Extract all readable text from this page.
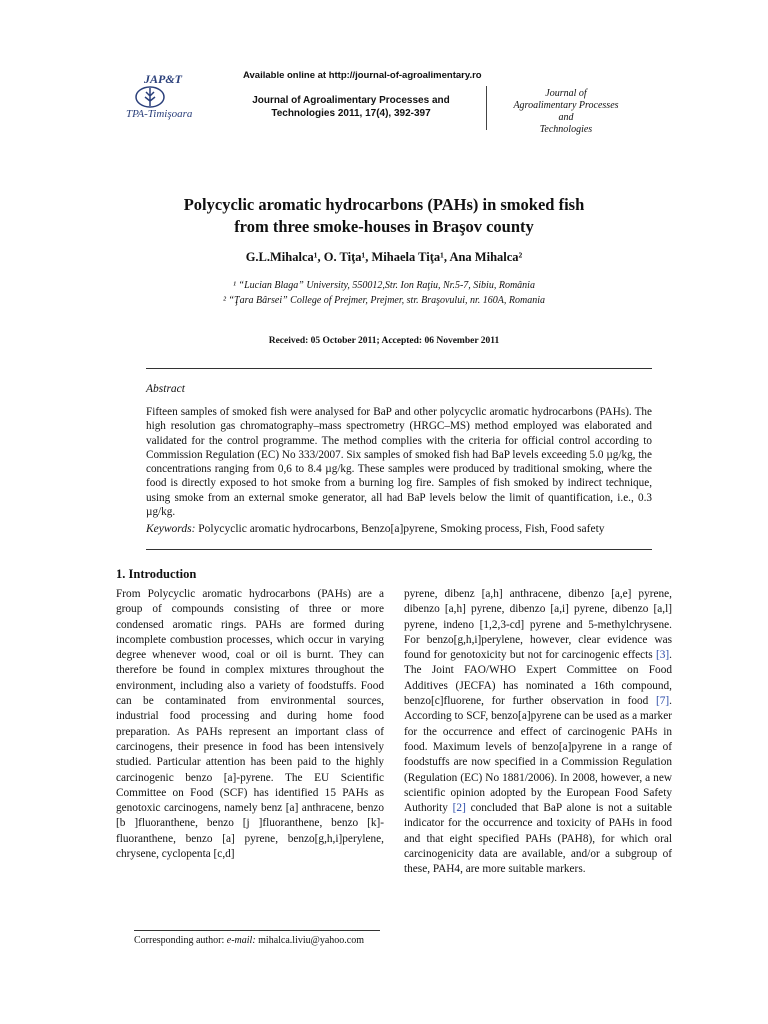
JAP&T
TPA-Timişoara
Available online at http://journal-of-agroalimentary.ro
Journal of Agroalimentary Processes and
Technologies 2011, 17(4), 392-397
Journal of
Agroalimentary Processes and
Technologies
Polycyclic aromatic hydrocarbons (PAHs) in smoked fish
from three smoke-houses in Braşov county
G.L.Mihalca¹, O. Tiţa¹, Mihaela Tiţa¹, Ana Mihalca²
¹ “Lucian Blaga” University, 550012,Str. Ion Raţiu, Nr.5-7, Sibiu, România
² “Ţara Bârsei” College of Prejmer, Prejmer, str. Braşovului, nr. 160A, Romania
Received: 05 October 2011; Accepted: 06 November 2011
Abstract
Fifteen samples of smoked fish were analysed for BaP and other polycyclic aromatic hydrocarbons (PAHs). The high resolution gas chromatography–mass spectrometry (HRGC–MS) method employed was elaborated and validated for the control programme. The method complies with the criteria for official control according to Commission Regulation (EC) No 333/2007. Six samples of smoked fish had BaP levels exceeding 5.0 µg/kg, the concentrations ranging from 0,6 to 8.4 µg/kg. These samples were produced by traditional smoking, where the food is directly exposed to hot smoke from a burning log fire. Samples of fish smoked by indirect technique, using smoke from an external smoke generator, all had BaP levels below the limit of quantification, i.e., 0.3 µg/kg.
Keywords: Polycyclic aromatic hydrocarbons, Benzo[a]pyrene, Smoking process, Fish, Food safety
1. Introduction
From Polycyclic aromatic hydrocarbons (PAHs) are a group of compounds consisting of three or more condensed aromatic rings. PAHs are formed during incomplete combustion processes, which occur in varying degree whenever wood, coal or oil is burnt. They can therefore be found in complex mixtures throughout the environment, including also a variety of foodstuffs. Food can be contaminated from environmental sources, industrial food processing and during home food preparation. As PAHs represent an important class of carcinogens, their presence in food has been intensively studied. Particular attention has been paid to the highly carcinogenic benzo [a]-pyrene. The EU Scientific Committee on Food (SCF) has identified 15 PAHs as genotoxic carcinogens, namely benz [a] anthracene, benzo [b ]fluoranthene, benzo [j ]fluoranthene, benzo [k]-fluoranthene, benzo [a] pyrene, benzo[g,h,i]perylene, chrysene, cyclopenta [c,d]
pyrene, dibenz [a,h] anthracene, dibenzo [a,e] pyrene, dibenzo [a,h] pyrene, dibenzo [a,i] pyrene, dibenzo [a,l] pyrene, indeno [1,2,3-cd] pyrene and 5-methylchrysene. For benzo[g,h,i]perylene, however, clear evidence was found for genotoxicity but not for carcinogenic effects [3]. The Joint FAO/WHO Expert Committee on Food Additives (JECFA) has nominated a 16th compound, benzo[c]fluorene, for further observation in food [7]. According to SCF, benzo[a]pyrene can be used as a marker for the occurrence and effect of carcinogenic PAHs in food. Maximum levels of benzo[a]pyrene in a range of foodstuffs are now specified in a Commission Regulation (Regulation (EC) No 1881/2006). In 2008, however, a new scientific opinion adopted by the European Food Safety Authority [2] concluded that BaP alone is not a suitable indicator for the occurrence and toxicity of PAHs in food and that eight specified PAHs (PAH8), for which oral carcinogenicity data are available, and/or a subgroup of these, PAH4, are more suitable markers.
Corresponding author: e-mail: mihalca.liviu@yahoo.com
